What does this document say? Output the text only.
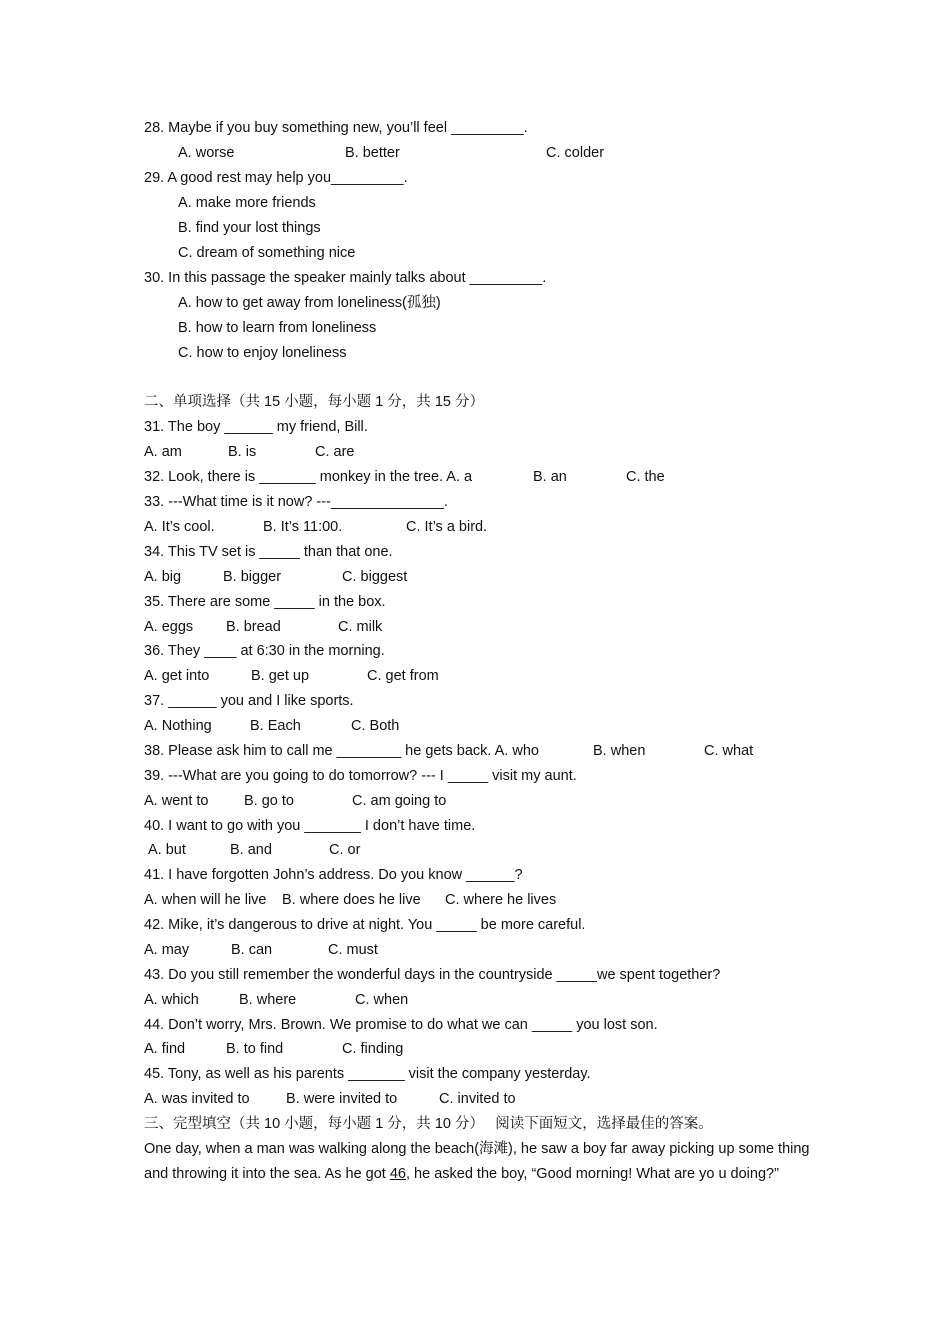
28. Maybe if you buy something new, you’ll feel _________.
A. worse	B. better	C. colder
29. A good rest may help you_________.
A. make more friends
B. find your lost things
C. dream of something nice
30. In this passage the speaker mainly talks about _________.
A. how to get away from loneliness(孤独)
B. how to learn from loneliness
C. how to enjoy loneliness
二、单项选择（共 15 小题，每小题 1 分，共 15 分）
31. The boy ______ my friend, Bill.
A. am	B. is	C. are
32. Look, there is _______ monkey in the tree. A. a	B. an	C. the
33. ---What time is it now? ---______________.
A. It’s cool.	B. It’s 11:00.	C. It’s a bird.
34. This TV set is _____ than that one.
A. big	B. bigger	C. biggest
35. There are some _____ in the box.
A. eggs B. bread	C. milk
36. They ____ at 6:30 in the morning.
A. get into	B. get up	C. get from
37. ______ you and I like sports.
A. Nothing	B. Each	C. Both
38. Please ask him to call me ________ he gets back. A. who	B. when	C. what
39. ---What are you going to do tomorrow? --- I _____ visit my aunt.
A. went to B. go to	C. am going to
40. I want to go with you _______ I don’t have time.
A. but	B. and	C. or
41. I have forgotten John’s address. Do you know ______?
A. when will he live B. where does he live C. where he lives
42. Mike, it’s dangerous to drive at night. You _____ be more careful.
A. may	B. can	C. must
43. Do you still remember the wonderful days in the countryside _____we spent together?
A. which	B. where	C. when
44. Don’t worry, Mrs. Brown. We promise to do what we can _____ you lost son.
A. find	B. to find	C. finding
45. Tony, as well as his parents _______ visit the company yesterday.
A. was invited to	B. were invited to	C. invited to
三、完型填空（共 10 小题，每小题 1 分，共 10 分）　 阅读下面短文，选择最佳的答案。
One day, when a man was walking along the beach(海滩), he saw a boy far away picking up some thing and throwing it into the sea. As he got 46, he asked the boy, “Good morning! What are yo u doing?”
